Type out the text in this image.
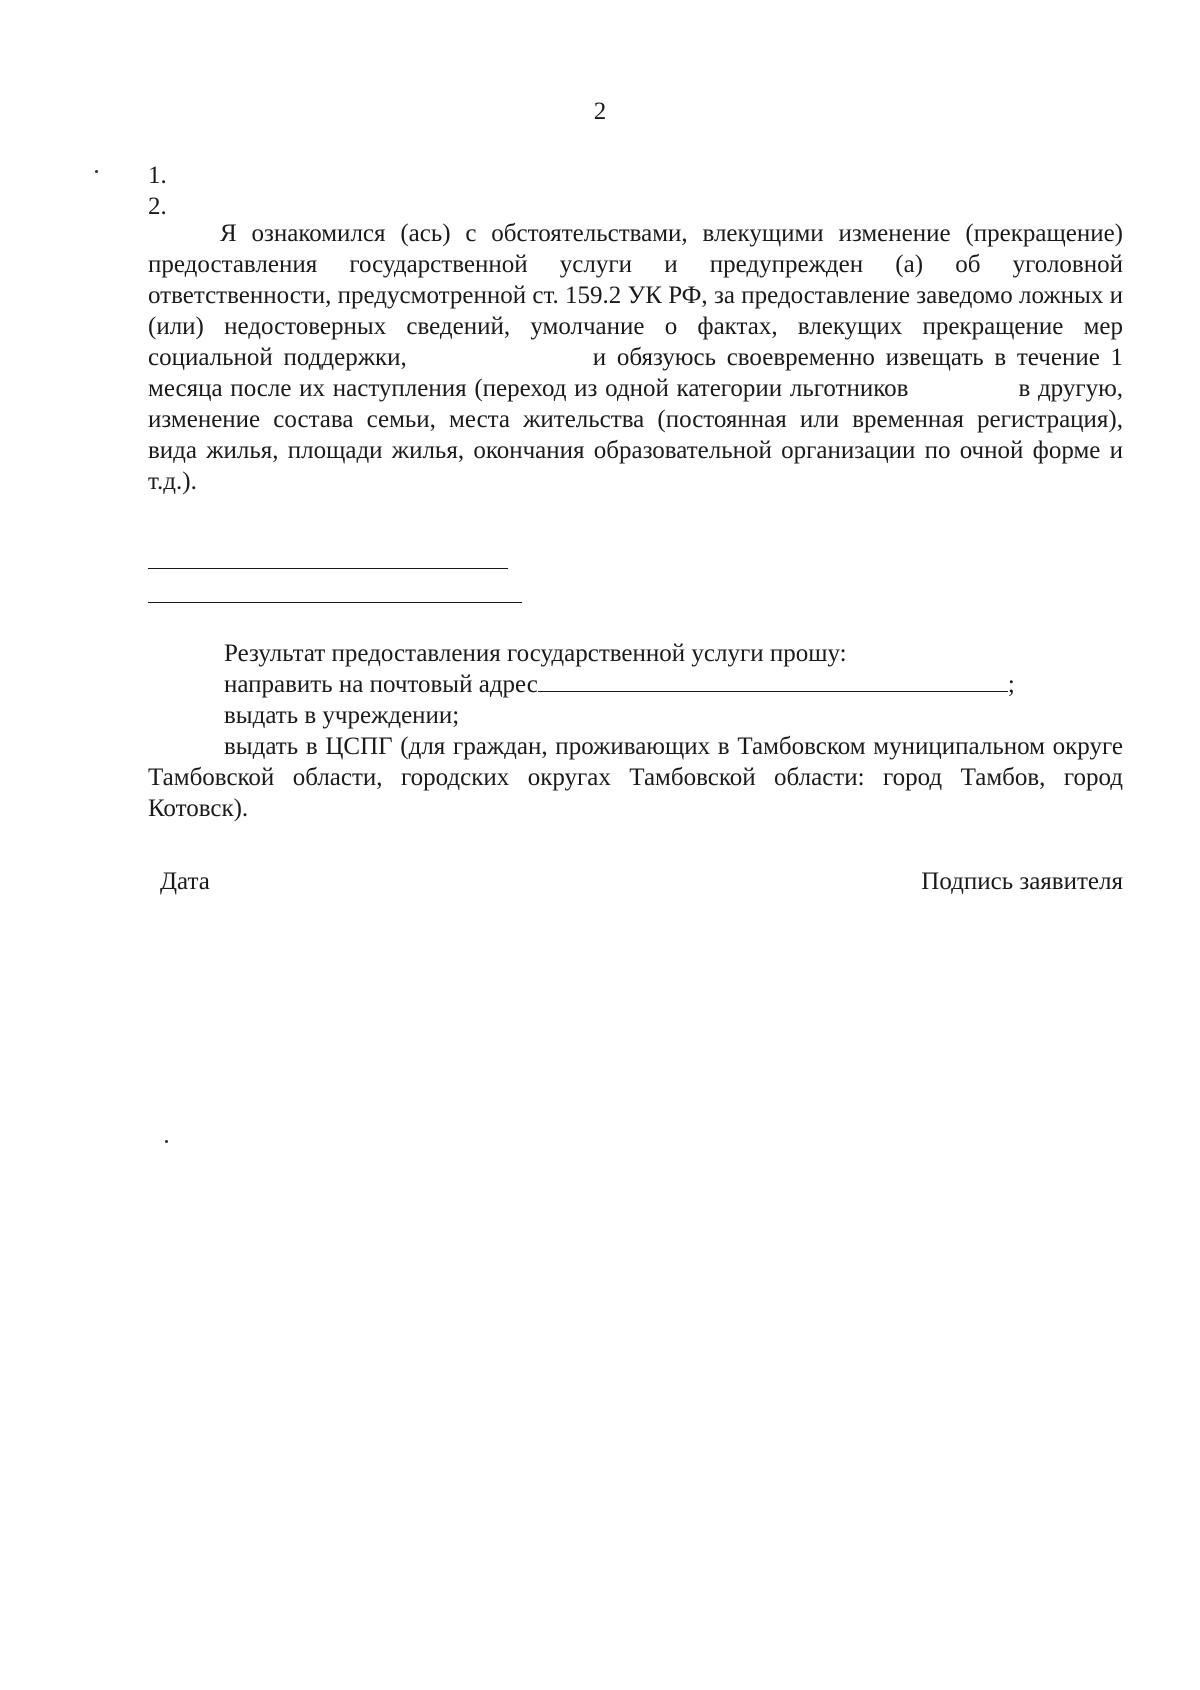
2
1.
2.

Я ознакомился (ась) с обстоятельствами, влекущими изменение (прекращение) предоставления государственной услуги и предупрежден (а) об уголовной ответственности, предусмотренной ст. 159.2 УК РФ, за предоставление заведомо ложных и (или) недостоверных сведений, умолчание о фактах, влекущих прекращение мер социальной поддержки,	и обязуюсь своевременно извещать в течение 1 месяца после их наступления (переход из одной категории льготников	в другую, изменение состава семьи, места жительства (постоянная или временная регистрация), вида жилья, площади жилья, окончания образовательной организации по очной форме и т.д.).

Результат предоставления государственной услуги прошу:
направить на почтовый адрес	;
выдать в учреждении;

выдать в ЦСПГ (для граждан, проживающих в Тамбовском муниципальном округе Тамбовской области, городских округах Тамбовской области: город Тамбов, город Котовск).

Дата	Подпись заявителя
